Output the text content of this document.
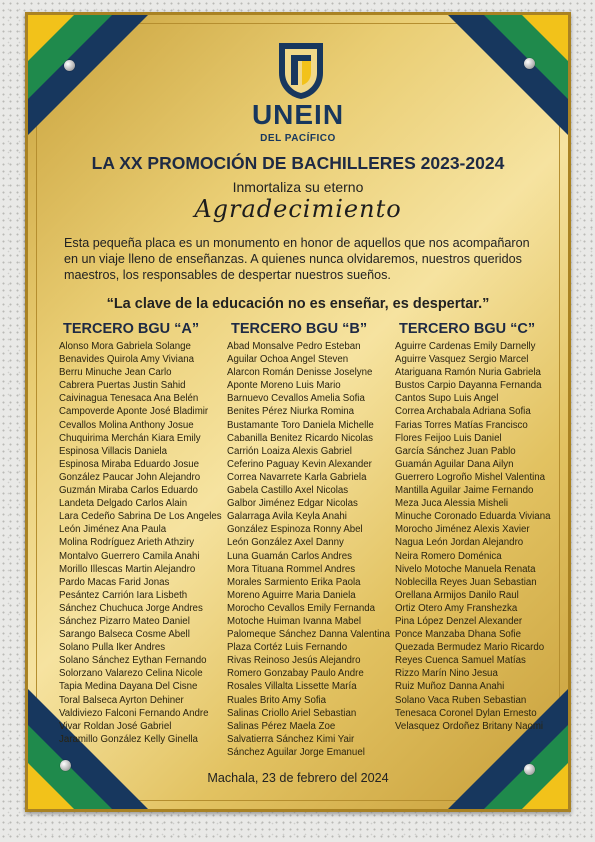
UNEIN
DEL PACÍFICO
LA XX PROMOCIÓN DE BACHILLERES 2023-2024
Inmortaliza su eterno
Agradecimiento
Esta pequeña placa es un monumento en honor de aquellos que nos acompañaron en un viaje lleno de enseñanzas. A quienes nunca olvidaremos, nuestros queridos maestros, los responsables de despertar nuestros sueños.
“La clave de la educación no es enseñar, es despertar.”
TERCERO BGU “A”
Alonso Mora Gabriela Solange
Benavides Quirola Amy Viviana
Berru Minuche Jean Carlo
Cabrera Puertas Justin Sahid
Caivinagua Tenesaca Ana Belén
Campoverde Aponte José Bladimir
Cevallos Molina Anthony Josue
Chuquirima Merchán Kiara Emily
Espinosa Villacis Daniela
Espinosa Miraba Eduardo Josue
González Paucar John Alejandro
Guzmán Miraba Carlos Eduardo
Landeta Delgado Carlos Alain
Lara Cedeño Sabrina De Los Angeles
León Jiménez Ana Paula
Molina Rodríguez Arieth Athziry
Montalvo Guerrero Camila Anahi
Morillo Illescas Martin Alejandro
Pardo Macas Farid Jonas
Pesántez Carrión Iara Lisbeth
Sánchez Chuchuca Jorge Andres
Sánchez Pizarro Mateo Daniel
Sarango Balseca Cosme Abell
Solano Pulla Iker Andres
Solano Sánchez Eythan Fernando
Solorzano Valarezo Celina Nicole
Tapia Medina Dayana Del Cisne
Toral Balseca Ayrton Dehiner
Valdiviezo Falconi Fernando Andre
Vivar Roldan José Gabriel
Jaramillo González Kelly Ginella
TERCERO BGU “B”
Abad Monsalve Pedro Esteban
Aguilar Ochoa Angel Steven
Alarcon Román Denisse Joselyne
Aponte Moreno Luis Mario
Barnuevo Cevallos Amelia Sofia
Benites Pérez Niurka Romina
Bustamante Toro Daniela Michelle
Cabanilla Benitez Ricardo Nicolas
Carrión Loaiza Alexis Gabriel
Ceferino Paguay Kevin Alexander
Correa Navarrete Karla Gabriela
Gabela Castillo Axel Nicolas
Galbor Jiménez Edgar Nicolas
Galarraga Avila Keyla Anahi
González Espinoza Ronny Abel
León González Axel Danny
Luna Guamán Carlos Andres
Mora Tituana Rommel Andres
Morales Sarmiento Erika Paola
Moreno Aguirre Maria Daniela
Morocho Cevallos Emily Fernanda
Motoche Huiman Ivanna Mabel
Palomeque Sánchez Danna Valentina
Plaza Cortéz Luis Fernando
Rivas Reinoso Jesús Alejandro
Romero Gonzabay Paulo Andre
Rosales Villalta Lissette María
Ruales Brito Amy Sofia
Salinas Criollo Ariel Sebastian
Salinas Pérez Maela Zoe
Salvatierra Sánchez Kimi Yair
Sánchez Aguilar Jorge Emanuel
TERCERO BGU “C”
Aguirre Cardenas Emily Darnelly
Aguirre Vasquez Sergio Marcel
Atariguana Ramón Nuria Gabriela
Bustos Carpio Dayanna Fernanda
Cantos Supo Luis Angel
Correa Archabala Adriana Sofia
Farias Torres Matías Francisco
Flores Feijoo Luis Daniel
García Sánchez Juan Pablo
Guamán Aguilar Dana Ailyn
Guerrero Logroño Mishel Valentina
Mantilla Aguilar Jaime Fernando
Meza Juca Alessia Misheli
Minuche Coronado Eduarda Viviana
Morocho Jiménez Alexis Xavier
Nagua León Jordan Alejandro
Neira Romero Doménica
Nivelo Motoche Manuela Renata
Noblecilla Reyes Juan Sebastian
Orellana Armijos Danilo Raul
Ortiz Otero Amy Franshezka
Pina López Denzel Alexander
Ponce Manzaba Dhana Sofie
Quezada Bermudez Mario Ricardo
Reyes Cuenca Samuel Matías
Rizzo Marín Nino Jesua
Ruiz Muñoz Danna Anahi
Solano Vaca Ruben Sebastian
Tenesaca Coronel Dylan Ernesto
Velasquez Ordoñez Britany Naomi
Machala, 23 de febrero del 2024
